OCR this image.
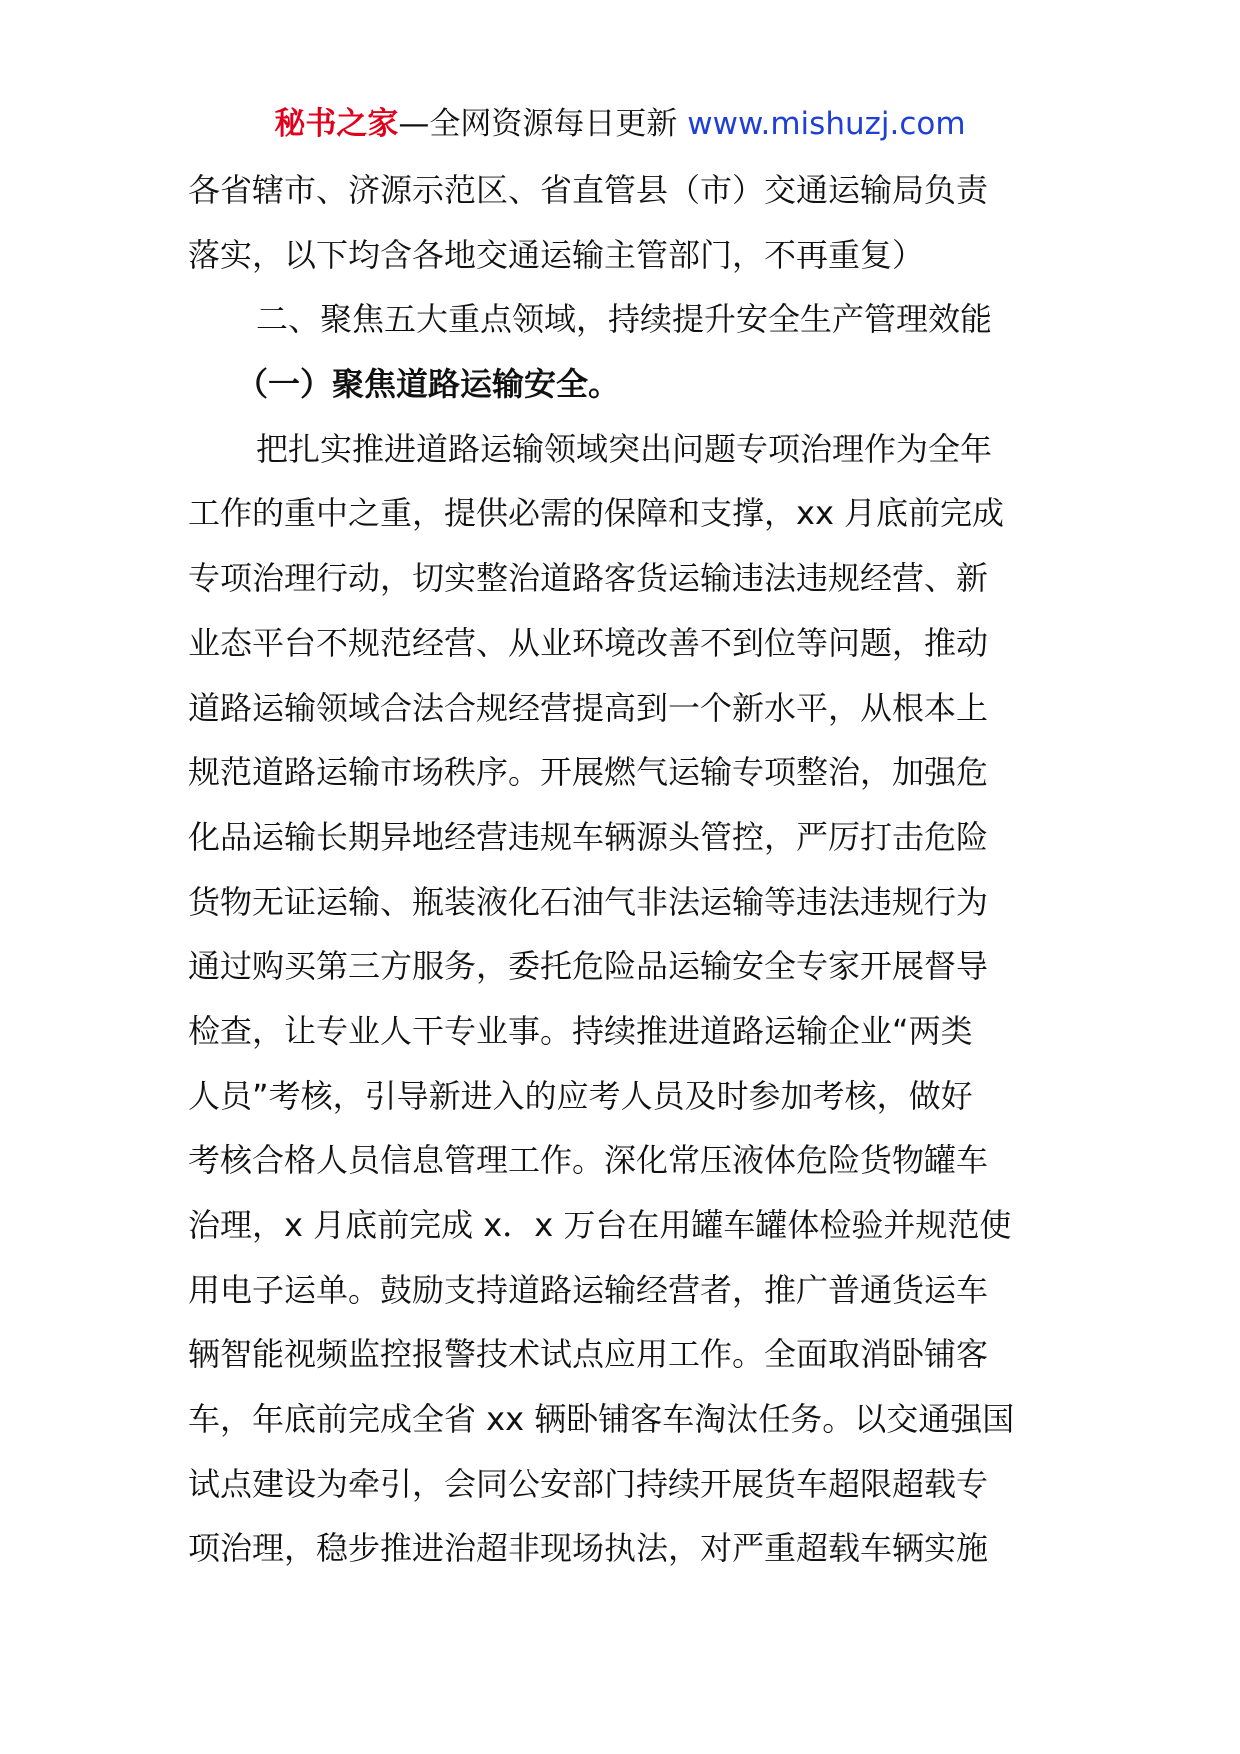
秘书之家—全网资源每日更新 www.mishuzj.com
各省辖市、济源示范区、省直管县（市）交通运输局负责
落实，以下均含各地交通运输主管部门，不再重复）
二、聚焦五大重点领域，持续提升安全生产管理效能
（一）聚焦道路运输安全。
把扎实推进道路运输领域突出问题专项治理作为全年
工作的重中之重，提供必需的保障和支撑，xx 月底前完成
专项治理行动，切实整治道路客货运输违法违规经营、新
业态平台不规范经营、从业环境改善不到位等问题，推动
道路运输领域合法合规经营提高到一个新水平，从根本上
规范道路运输市场秩序。开展燃气运输专项整治，加强危
化品运输长期异地经营违规车辆源头管控，严厉打击危险
货物无证运输、瓶装液化石油气非法运输等违法违规行为
通过购买第三方服务，委托危险品运输安全专家开展督导
检查，让专业人干专业事。持续推进道路运输企业“两类
人员”考核，引导新进入的应考人员及时参加考核，做好
考核合格人员信息管理工作。深化常压液体危险货物罐车
治理，x 月底前完成 x．x 万台在用罐车罐体检验并规范使
用电子运单。鼓励支持道路运输经营者，推广普通货运车
辆智能视频监控报警技术试点应用工作。全面取消卧铺客
车，年底前完成全省 xx 辆卧铺客车淘汰任务。以交通强国
试点建设为牵引，会同公安部门持续开展货车超限超载专
项治理，稳步推进治超非现场执法，对严重超载车辆实施
